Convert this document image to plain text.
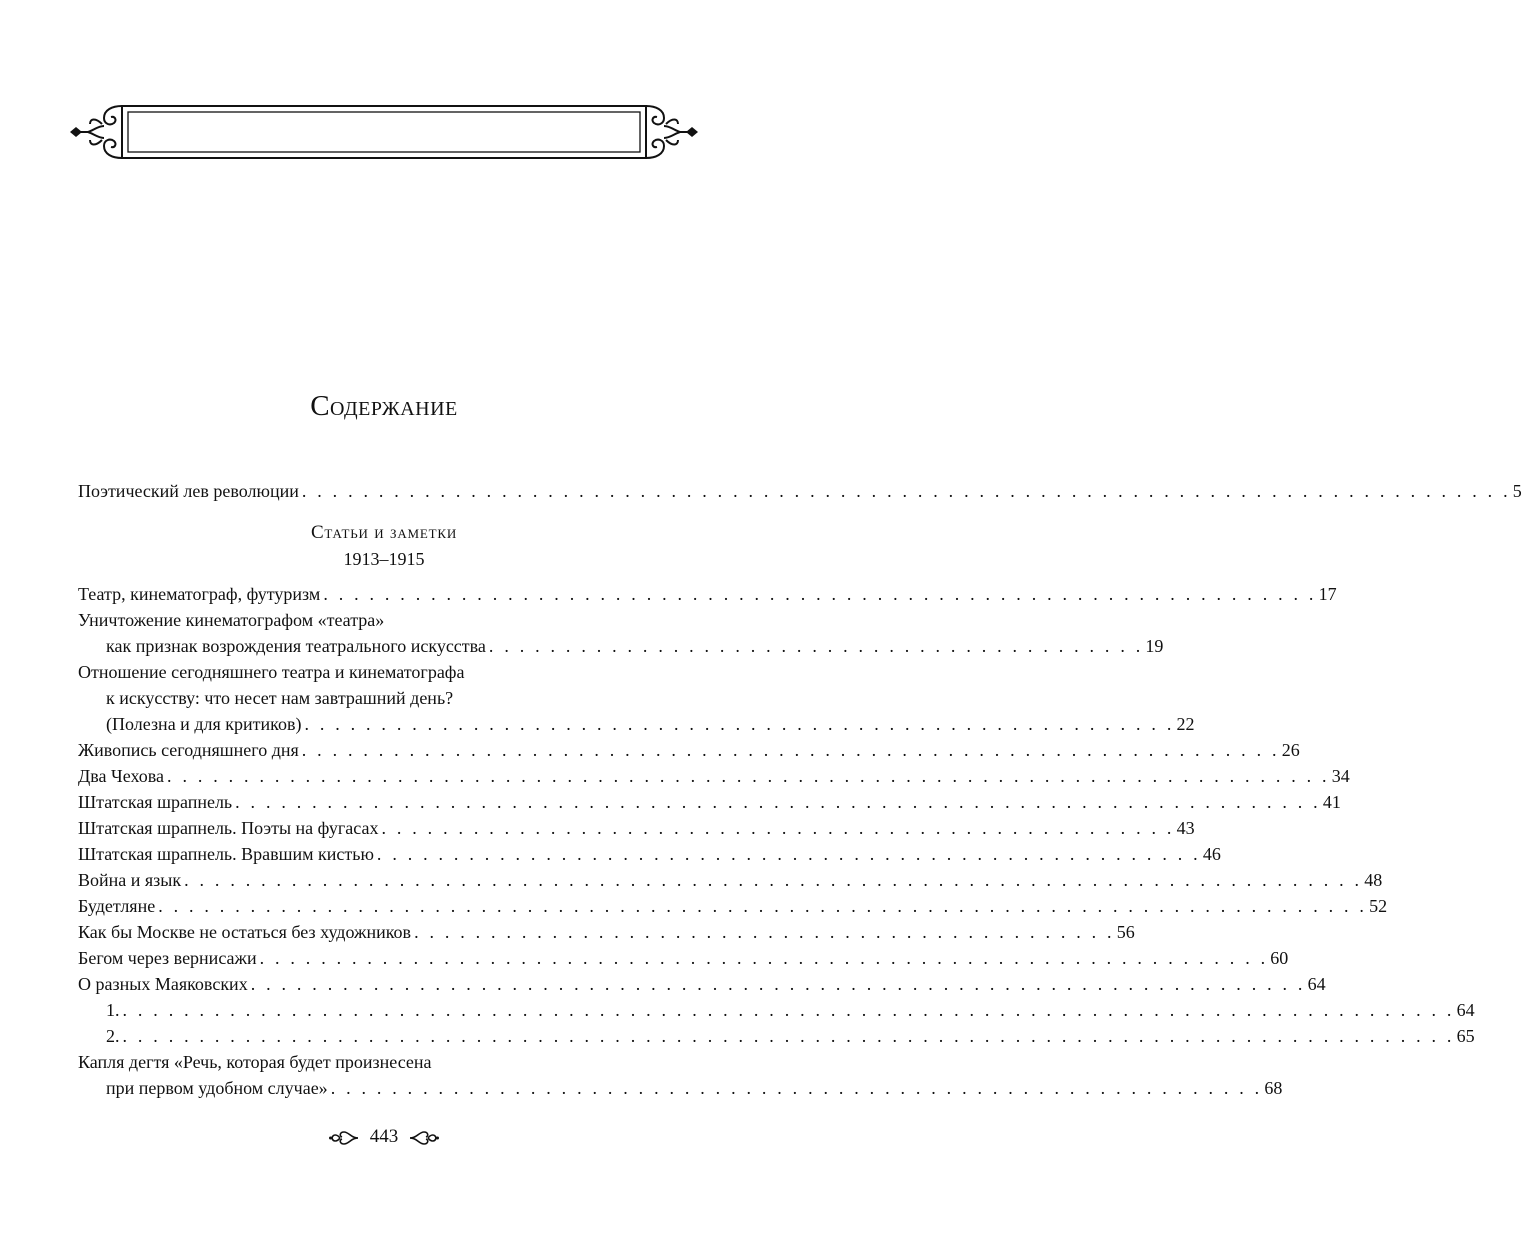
Содержание
Поэтический лев революции . . . . . . . . . . . . . . . . . . . . . . . . . . . . . . . . . . . . . . . . . . . . . . . . . . . . . . . . . . . . . . . . . . . . . . . . . . . . . . . 5
Статьи и заметки
1913–1915
Театр, кинематограф, футуризм . . . . . . . . . . . . . . . . . . . . . . . . . . . . . . . . . . . . . . . . . . . . . . . . . . . . . . . . . . . . . . . . . 17
Уничтожение кинематографом «театра»
как признак возрождения театрального искусства . . . . . . . . . . . . . . . . . . . . . . . . . . . . . . . . . . . . . . . . . . . 19
Отношение сегодняшнего театра и кинематографа
к искусству: что несет нам завтрашний день?
(Полезна и для критиков) . . . . . . . . . . . . . . . . . . . . . . . . . . . . . . . . . . . . . . . . . . . . . . . . . . . . . . . . . 22
Живопись сегодняшнего дня . . . . . . . . . . . . . . . . . . . . . . . . . . . . . . . . . . . . . . . . . . . . . . . . . . . . . . . . . . . . . . . . 26
Два Чехова . . . . . . . . . . . . . . . . . . . . . . . . . . . . . . . . . . . . . . . . . . . . . . . . . . . . . . . . . . . . . . . . . . . . . . . . . . . . 34
Штатская шрапнель . . . . . . . . . . . . . . . . . . . . . . . . . . . . . . . . . . . . . . . . . . . . . . . . . . . . . . . . . . . . . . . . . . . . . . . 41
Штатская шрапнель. Поэты на фугасах . . . . . . . . . . . . . . . . . . . . . . . . . . . . . . . . . . . . . . . . . . . . . . . . . . . . 43
Штатская шрапнель. Вравшим кистью . . . . . . . . . . . . . . . . . . . . . . . . . . . . . . . . . . . . . . . . . . . . . . . . . . . . . . 46
Война и язык . . . . . . . . . . . . . . . . . . . . . . . . . . . . . . . . . . . . . . . . . . . . . . . . . . . . . . . . . . . . . . . . . . . . . . . . . . . . . 48
Будетляне . . . . . . . . . . . . . . . . . . . . . . . . . . . . . . . . . . . . . . . . . . . . . . . . . . . . . . . . . . . . . . . . . . . . . . . . . . . . . . . 52
Как бы Москве не остаться без художников . . . . . . . . . . . . . . . . . . . . . . . . . . . . . . . . . . . . . . . . . . . . . . 56
Бегом через вернисажи . . . . . . . . . . . . . . . . . . . . . . . . . . . . . . . . . . . . . . . . . . . . . . . . . . . . . . . . . . . . . . . . . . 60
О разных Маяковских . . . . . . . . . . . . . . . . . . . . . . . . . . . . . . . . . . . . . . . . . . . . . . . . . . . . . . . . . . . . . . . . . . . . . 64
1. . . . . . . . . . . . . . . . . . . . . . . . . . . . . . . . . . . . . . . . . . . . . . . . . . . . . . . . . . . . . . . . . . . . . . . . . . . . . . . . . . . . . . . . 64
2. . . . . . . . . . . . . . . . . . . . . . . . . . . . . . . . . . . . . . . . . . . . . . . . . . . . . . . . . . . . . . . . . . . . . . . . . . . . . . . . . . . . . . . . 65
Капля дегтя «Речь, которая будет произнесена
при первом удобном случае» . . . . . . . . . . . . . . . . . . . . . . . . . . . . . . . . . . . . . . . . . . . . . . . . . . . . . . . . . . . . . 68
443
